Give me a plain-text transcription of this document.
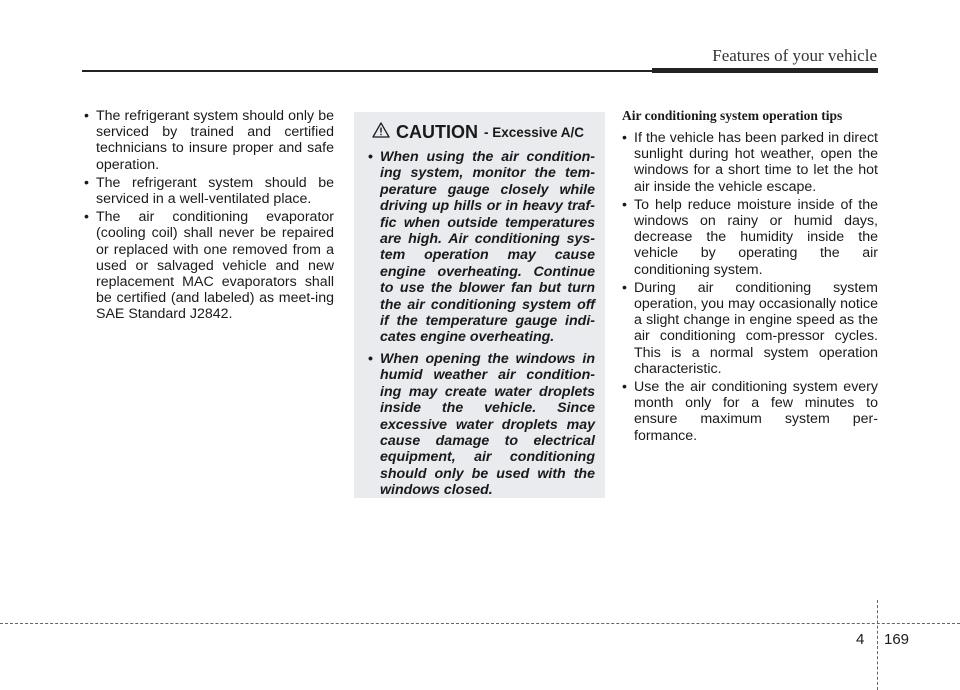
Features of your vehicle
• The refrigerant system should only be serviced by trained and certified technicians to insure proper and safe operation.
• The refrigerant system should be serviced in a well-ventilated place.
• The air conditioning evaporator (cooling coil) shall never be repaired or replaced with one removed from a used or salvaged vehicle and new replacement MAC evaporators shall be certified (and labeled) as meet-ing SAE Standard J2842.
CAUTION - Excessive A/C
• When using the air condition-ing system, monitor the tem-perature gauge closely while driving up hills or in heavy traf-fic when outside temperatures are high. Air conditioning sys-tem operation may cause engine overheating. Continue to use the blower fan but turn the air conditioning system off if the temperature gauge indi-cates engine overheating.
• When opening the windows in humid weather air condition-ing may create water droplets inside the vehicle. Since excessive water droplets may cause damage to electrical equipment, air conditioning should only be used with the windows closed.
Air conditioning system operation tips
• If the vehicle has been parked in direct sunlight during hot weather, open the windows for a short time to let the hot air inside the vehicle escape.
• To help reduce moisture inside of the windows on rainy or humid days, decrease the humidity inside the vehicle by operating the air conditioning system.
• During air conditioning system operation, you may occasionally notice a slight change in engine speed as the air conditioning com-pressor cycles. This is a normal system operation characteristic.
• Use the air conditioning system every month only for a few minutes to ensure maximum system per-formance.
4 169
